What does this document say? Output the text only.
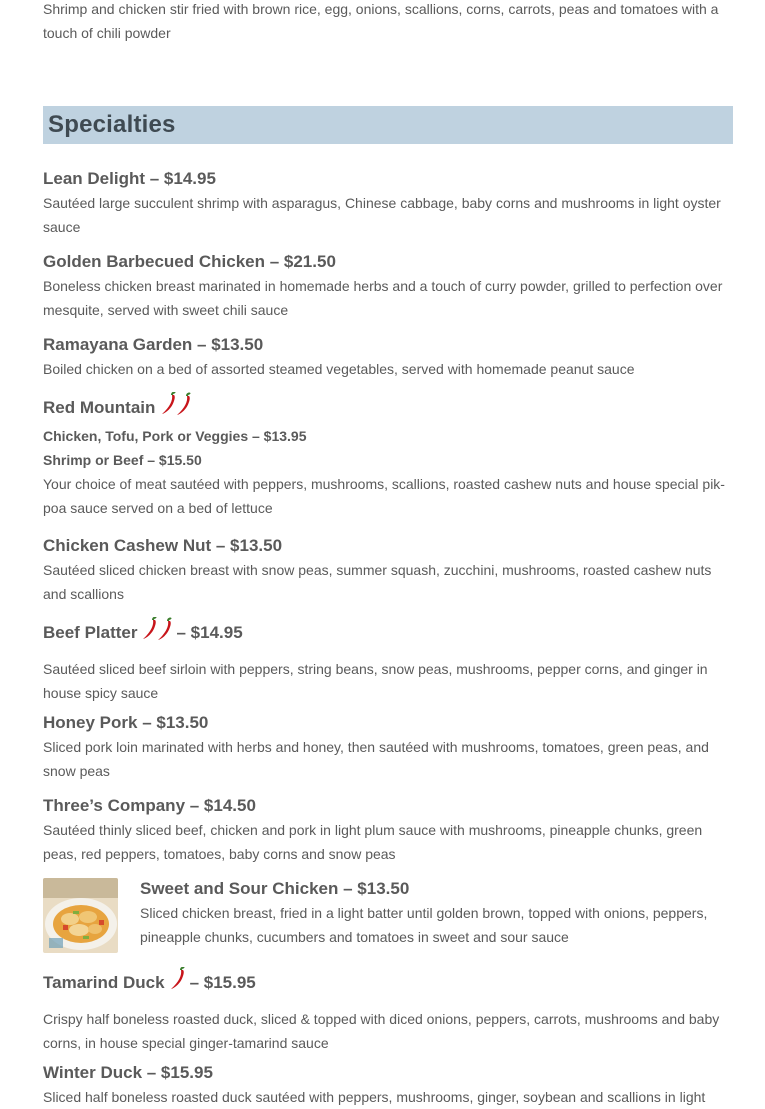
Shrimp and chicken stir fried with brown rice, egg, onions, scallions, corns, carrots, peas and tomatoes with a touch of chili powder

Specialties
Lean Delight – $14.95

Sautéed large succulent shrimp with asparagus, Chinese cabbage, baby corns and mushrooms in light oyster sauce

Golden Barbecued Chicken – $21.50

Boneless chicken breast marinated in homemade herbs and a touch of curry powder, grilled to perfection over mesquite, served with sweet chili sauce

Ramayana Garden – $13.50

Boiled chicken on a bed of assorted steamed vegetables, served with homemade peanut sauce

Red Mountain

Chicken, Tofu, Pork or Veggies – $13.95

Shrimp or Beef – $15.50

Your choice of meat sautéed with peppers, mushrooms, scallions, roasted cashew nuts and house special pik-poa sauce served on a bed of lettuce

Chicken Cashew Nut – $13.50

Sautéed sliced chicken breast with snow peas, summer squash, zucchini, mushrooms, roasted cashew nuts and scallions

Beef Platter – $14.95

Sautéed sliced beef sirloin with peppers, string beans, snow peas, mushrooms, pepper corns, and ginger in house spicy sauce

Honey Pork – $13.50

Sliced pork loin marinated with herbs and honey, then sautéed with mushrooms, tomatoes, green peas, and snow peas

Three’s Company – $14.50

Sautéed thinly sliced beef, chicken and pork in light plum sauce with mushrooms, pineapple chunks, green peas, red peppers, tomatoes, baby corns and snow peas

Sweet and Sour Chicken – $13.50

Sliced chicken breast, fried in a light batter until golden brown, topped with onions, peppers, pineapple chunks, cucumbers and tomatoes in sweet and sour sauce

Tamarind Duck – $15.95

Crispy half boneless roasted duck, sliced & topped with diced onions, peppers, carrots, mushrooms and baby corns, in house special ginger-tamarind sauce

Winter Duck – $15.95

Sliced half boneless roasted duck sautéed with peppers, mushrooms, ginger, soybean and scallions in light
